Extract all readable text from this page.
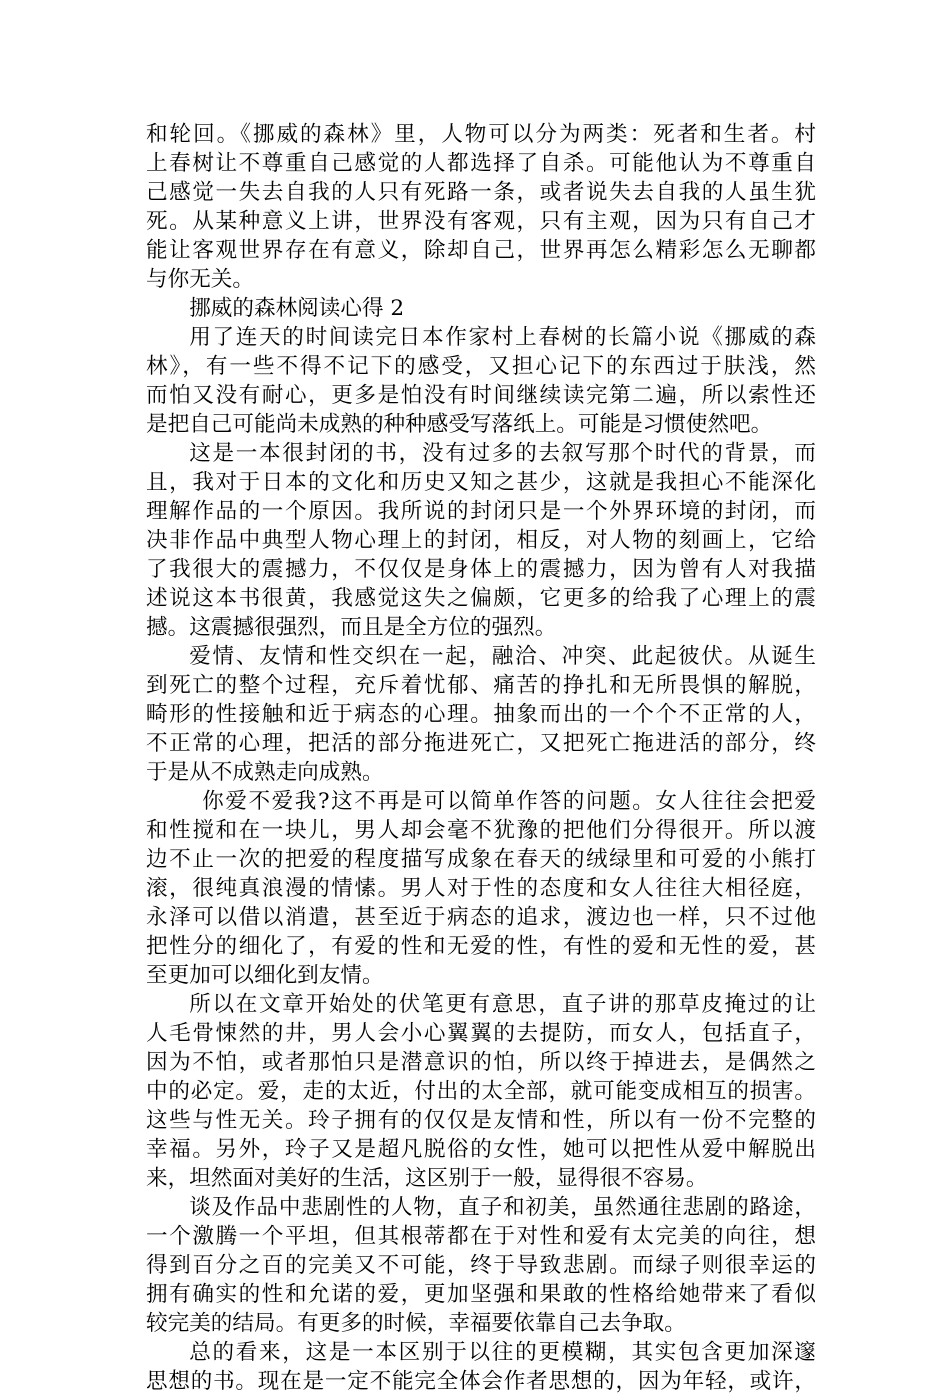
和轮回。《挪威的森林》里，人物可以分为两类：死者和生者。村
上春树让不尊重自己感觉的人都选择了自杀。可能他认为不尊重自
己感觉一失去自我的人只有死路一条，或者说失去自我的人虽生犹
死。从某种意义上讲，世界没有客观，只有主观，因为只有自己才
能让客观世界存在有意义，除却自己，世界再怎么精彩怎么无聊都
与你无关。
挪威的森林阅读心得 2
用了连天的时间读完日本作家村上春树的长篇小说《挪威的森
林》，有一些不得不记下的感受，又担心记下的东西过于肤浅，然
而怕又没有耐心，更多是怕没有时间继续读完第二遍，所以索性还
是把自己可能尚未成熟的种种感受写落纸上。可能是习惯使然吧。
这是一本很封闭的书，没有过多的去叙写那个时代的背景，而
且，我对于日本的文化和历史又知之甚少，这就是我担心不能深化
理解作品的一个原因。我所说的封闭只是一个外界环境的封闭，而
决非作品中典型人物心理上的封闭，相反，对人物的刻画上，它给
了我很大的震撼力，不仅仅是身体上的震撼力，因为曾有人对我描
述说这本书很黄，我感觉这失之偏颇，它更多的给我了心理上的震
撼。这震撼很强烈，而且是全方位的强烈。
爱情、友情和性交织在一起，融洽、冲突、此起彼伏。从诞生
到死亡的整个过程，充斥着忧郁、痛苦的挣扎和无所畏惧的解脱，
畸形的性接触和近于病态的心理。抽象而出的一个个不正常的人，
不正常的心理，把活的部分拖进死亡，又把死亡拖进活的部分，终
于是从不成熟走向成熟。
你爱不爱我?这不再是可以简单作答的问题。女人往往会把爱
和性搅和在一块儿，男人却会毫不犹豫的把他们分得很开。所以渡
边不止一次的把爱的程度描写成象在春天的绒绿里和可爱的小熊打
滚，很纯真浪漫的情愫。男人对于性的态度和女人往往大相径庭，
永泽可以借以消遣，甚至近于病态的追求，渡边也一样，只不过他
把性分的细化了，有爱的性和无爱的性，有性的爱和无性的爱，甚
至更加可以细化到友情。
所以在文章开始处的伏笔更有意思，直子讲的那草皮掩过的让
人毛骨悚然的井，男人会小心翼翼的去提防，而女人，包括直子，
因为不怕，或者那怕只是潜意识的怕，所以终于掉进去，是偶然之
中的必定。爱，走的太近，付出的太全部，就可能变成相互的损害。
这些与性无关。玲子拥有的仅仅是友情和性，所以有一份不完整的
幸福。另外，玲子又是超凡脱俗的女性，她可以把性从爱中解脱出
来，坦然面对美好的生活，这区别于一般，显得很不容易。
谈及作品中悲剧性的人物，直子和初美，虽然通往悲剧的路途，
一个激腾一个平坦，但其根蒂都在于对性和爱有太完美的向往，想
得到百分之百的完美又不可能，终于导致悲剧。而绿子则很幸运的
拥有确实的性和允诺的爱，更加坚强和果敢的性格给她带来了看似
较完美的结局。有更多的时候，幸福要依靠自己去争取。
总的看来，这是一本区别于以往的更模糊，其实包含更加深邃
思想的书。现在是一定不能完全体会作者思想的，因为年轻，或许，
